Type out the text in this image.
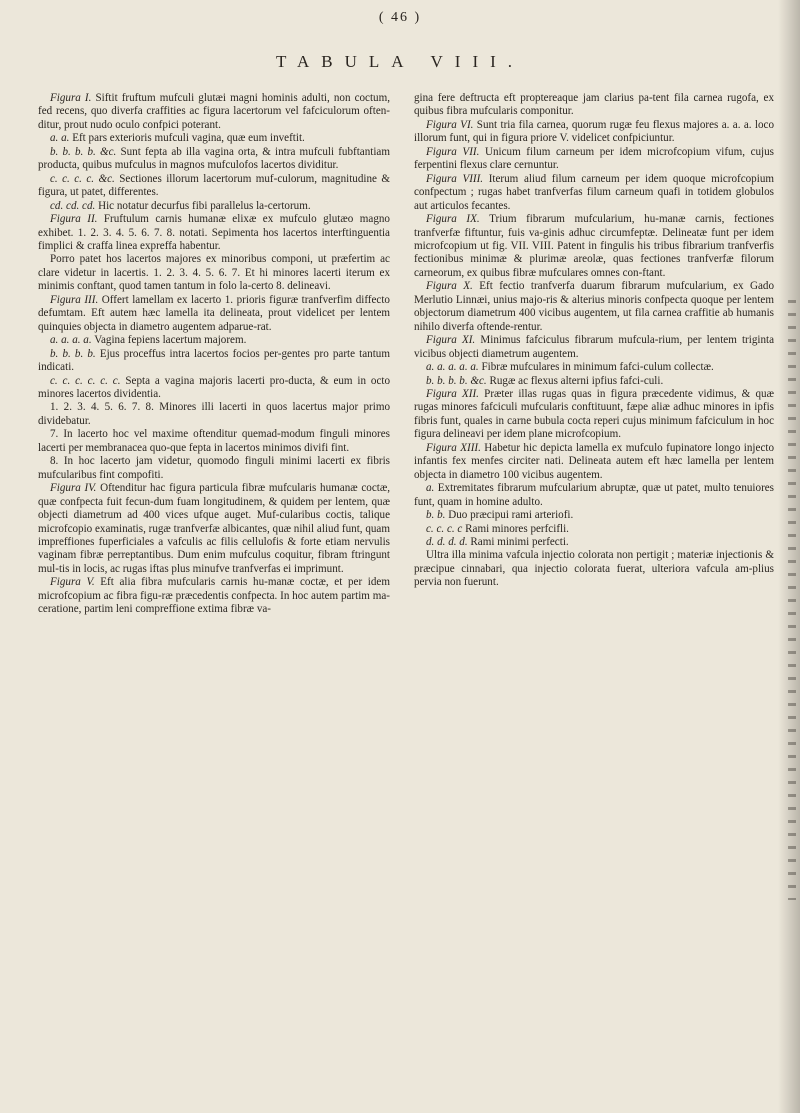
( 46 )
TABULA VIII.

Figura I. Siftit fruftum mufculi glutæi magni hominis adulti, non coctum, fed recens, quo diverfa craffities ac figura lacertorum vel fafciculorum often-ditur, prout nudo oculo confpici poterant.

a. a. Eft pars exterioris mufculi vagina, quæ eum inveftit.

b. b. b. b. &c. Sunt fepta ab illa vagina orta, & intra mufculi fubftantiam producta, quibus mufculus in magnos mufculofos lacertos dividitur.

c. c. c. c. &c. Sectiones illorum lacertorum muf-culorum, magnitudine & figura, ut patet, differentes.

cd. cd. cd. Hic notatur decurfus fibi parallelus la-certorum.

Figura II. Fruftulum carnis humanæ elixæ ex mufculo glutæo magno exhibet. 1. 2. 3. 4. 5. 6. 7. 8. notati. Sepimenta hos lacertos interftinguentia fimplici & craffa linea expreffa habentur.

Porro patet hos lacertos majores ex minoribus componi, ut præfertim ac clare videtur in lacertis. 1. 2. 3. 4. 5. 6. 7. Et hi minores lacerti iterum ex minimis conftant, quod tamen tantum in folo la-certo 8. delineavi.

Figura III. Offert lamellam ex lacerto 1. prioris figuræ tranfverfim diffecto defumtam. Eft autem hæc lamella ita delineata, prout videlicet per lentem quinquies objecta in diametro augentem adparue-rat.

a. a. a. a. Vagina fepiens lacertum majorem.

b. b. b. b. Ejus proceffus intra lacertos focios per-gentes pro parte tantum indicati.

c. c. c. c. c. c. Septa a vagina majoris lacerti pro-ducta, & eum in octo minores lacertos dividentia.

1. 2. 3. 4. 5. 6. 7. 8. Minores illi lacerti in quos lacertus major primo dividebatur.

7. In lacerto hoc vel maxime oftenditur quemad-modum finguli minores lacerti per membranacea quo-que fepta in lacertos minimos divifi fint.

8. In hoc lacerto jam videtur, quomodo finguli minimi lacerti ex fibris mufcularibus fint compofiti.

Figura IV. Oftenditur hac figura particula fibræ mufcularis humanæ coctæ, quæ confpecta fuit fecun-dum fuam longitudinem, & quidem per lentem, quæ objecti diametrum ad 400 vices ufque auget. Muf-cularibus coctis, talique microfcopio examinatis, rugæ tranfverfæ albicantes, quæ nihil aliud funt, quam impreffiones fuperficiales a vafculis ac filis cellulofis & forte etiam nervulis vaginam fibræ perreptantibus. Dum enim mufculus coquitur, fibram ftringunt mul-tis in locis, ac rugas iftas plus minufve tranfverfas ei imprimunt.

Figura V. Eft alia fibra mufcularis carnis hu-manæ coctæ, et per idem microfcopium ac fibra figu-ræ præcedentis confpecta. In hoc autem partim ma-ceratione, partim leni compreffione extima fibræ va-

gina fere deftructa eft proptereaque jam clarius pa-tent fila carnea rugofa, ex quibus fibra mufcularis componitur.

Figura VI. Sunt tria fila carnea, quorum rugæ feu flexus majores a. a. a. loco illorum funt, qui in figura priore V. videlicet confpiciuntur.

Figura VII. Unicum filum carneum per idem microfcopium vifum, cujus ferpentini flexus clare cernuntur.

Figura VIII. Iterum aliud filum carneum per idem quoque microfcopium confpectum ; rugas habet tranfverfas filum carneum quafi in totidem globulos aut articulos fecantes.

Figura IX. Trium fibrarum mufcularium, hu-manæ carnis, fectiones tranfverfæ fiftuntur, fuis va-ginis adhuc circumfeptæ. Delineatæ funt per idem microfcopium ut fig. VII. VIII. Patent in fingulis his tribus fibrarium tranfverfis fectionibus minimæ & plurimæ areolæ, quas fectiones tranfverfæ filorum carneorum, ex quibus fibræ mufculares omnes con-ftant.

Figura X. Eft fectio tranfverfa duarum fibrarum mufcularium, ex Gado Merlutio Linnæi, unius majo-ris & alterius minoris confpecta quoque per lentem objectorum diametrum 400 vicibus augentem, ut fila carnea craffitie ab humanis nihilo diverfa oftende-rentur.

Figura XI. Minimus fafciculus fibrarum mufcula-rium, per lentem triginta vicibus objecti diametrum augentem.

a. a. a. a. a. Fibræ mufculares in minimum fafci-culum collectæ.

b. b. b. b. &c. Rugæ ac flexus alterni ipfius fafci-culi.

Figura XII. Præter illas rugas quas in figura præcedente vidimus, & quæ rugas minores fafciculi mufcularis conftituunt, fæpe aliæ adhuc minores in ipfis fibris funt, quales in carne bubula cocta reperi cujus minimum fafciculum in hoc figura delineavi per idem plane microfcopium.

Figura XIII. Habetur hic depicta lamella ex mufculo fupinatore longo injecto infantis fex menfes circiter nati. Delineata autem eft hæc lamella per lentem objecta in diametro 100 vicibus augentem.

a. Extremitates fibrarum mufcularium abruptæ, quæ ut patet, multo tenuiores funt, quam in homine adulto.

b. b. Duo præcipui rami arteriofi.

c. c. c. c Rami minores perfcifli.

d. d. d. d. Rami minimi perfecti.

Ultra illa minima vafcula injectio colorata non pertigit ; materiæ injectionis & præcipue cinnabari, qua injectio colorata fuerat, ulteriora vafcula am-plius pervia non fuerunt.
